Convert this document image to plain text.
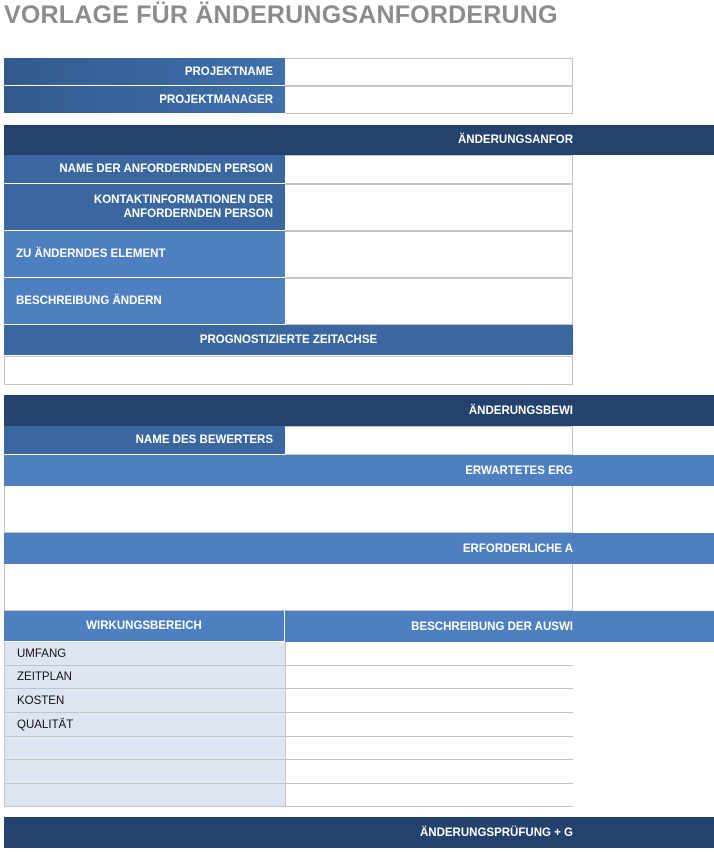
VORLAGE FÜR ÄNDERUNGSANFORDERUNG
PROJEKTNAME
PROJEKTMANAGER
ÄNDERUNGSANFOR
NAME DER ANFORDERNDEN PERSON
KONTAKTINFORMATIONEN DER ANFORDERNDEN PERSON
ZU ÄNDERNDES ELEMENT
BESCHREIBUNG ÄNDERN
PROGNOSTIZIERTE ZEITACHSE
ÄNDERUNGSBEWI
NAME DES BEWERTERS
ERWARTETES ERG
ERFORDERLICHE A
WIRKUNGSBEREICH	BESCHREIBUNG DER AUSWI
UMFANG
ZEITPLAN
KOSTEN
QUALITÄT
ÄNDERUNGSPRÜFUNG + G
